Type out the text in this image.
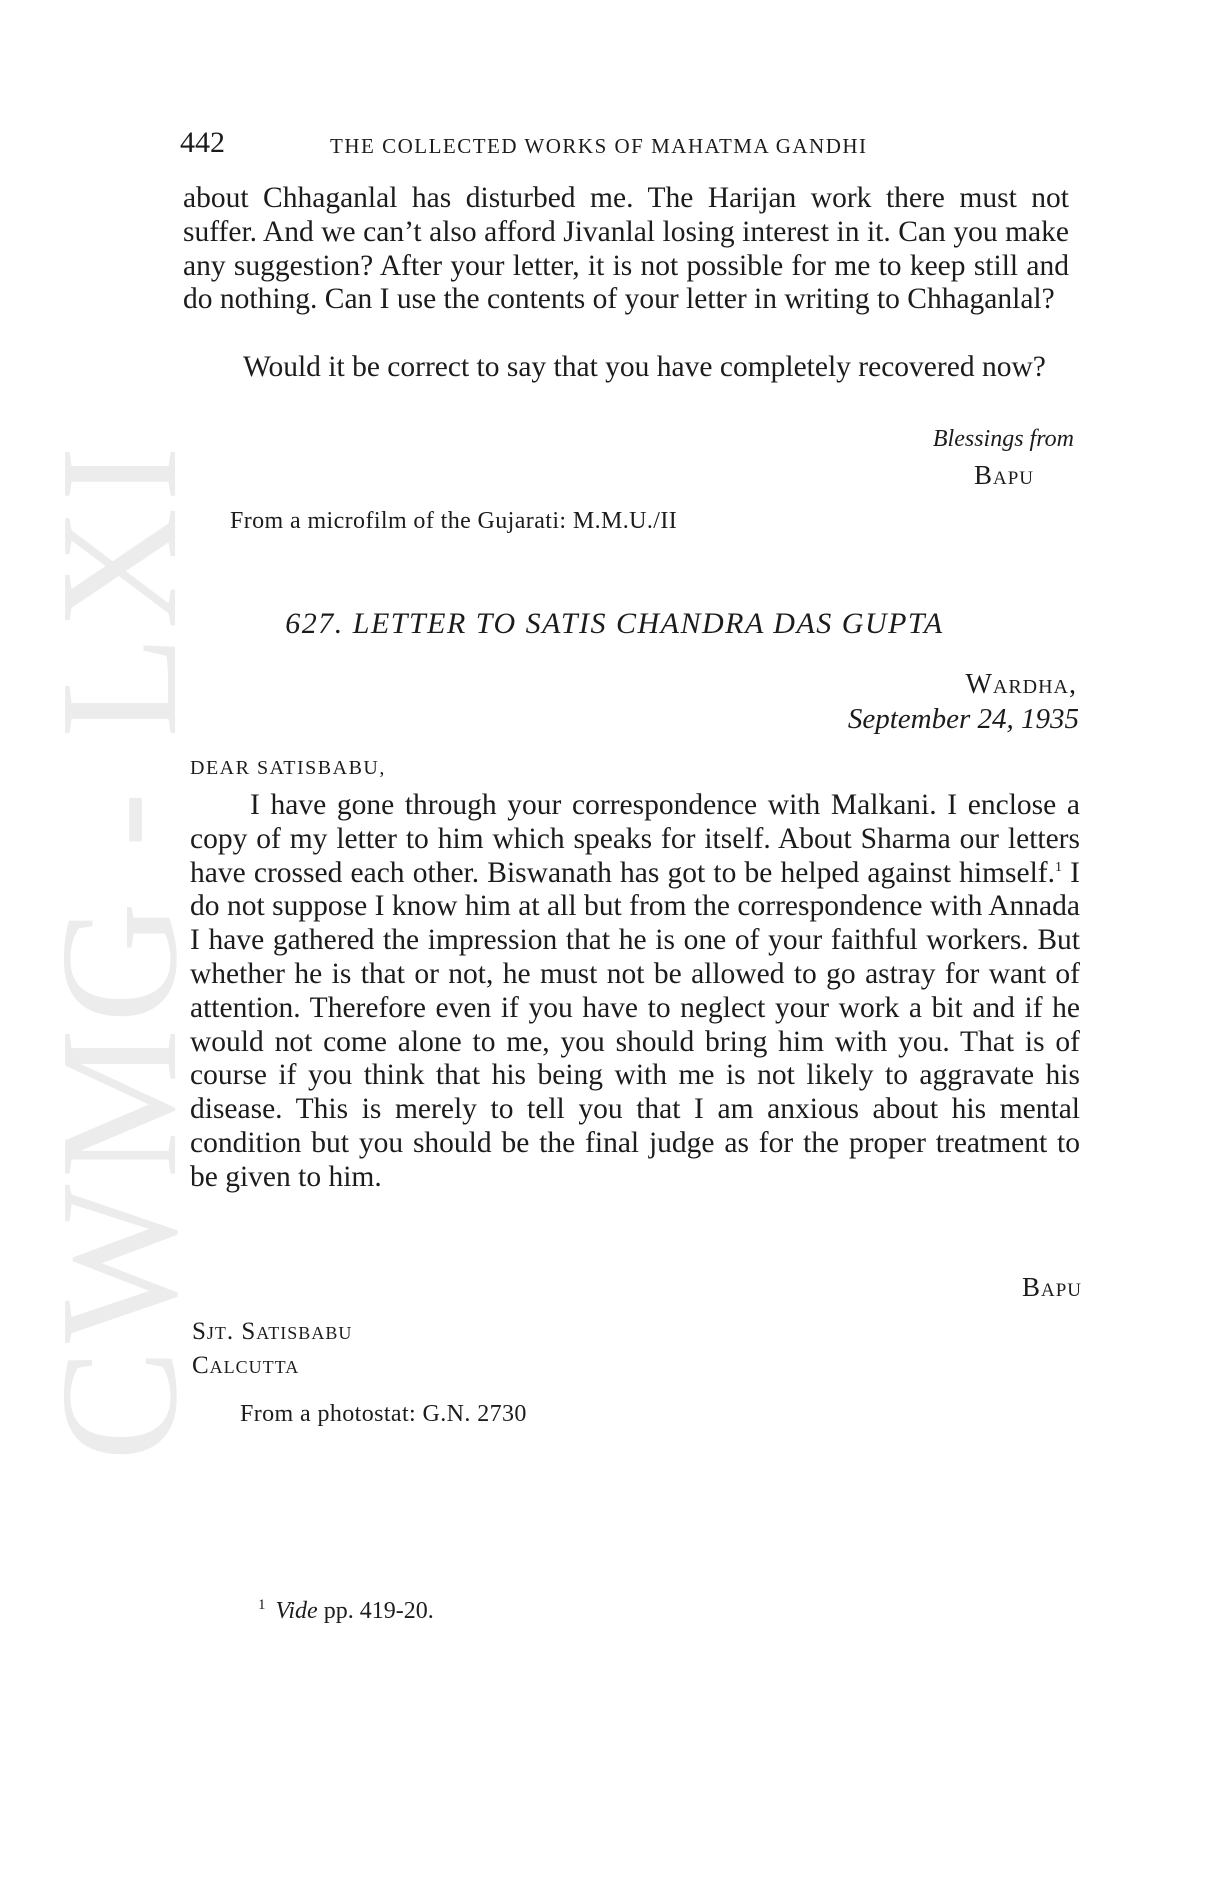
CWMG - LXI
442	THE COLLECTED WORKS OF MAHATMA GANDHI

about Chhaganlal has disturbed me. The Harijan work there must not suffer. And we can’t also afford Jivanlal losing interest in it. Can you make any suggestion? After your letter, it is not possible for me to keep still and do nothing. Can I use the contents of your letter in writing to Chhaganlal?

Would it be correct to say that you have completely recovered now?

Blessings from
Bapu
From a microfilm of the Gujarati: M.M.U./II
627. LETTER TO SATIS CHANDRA DAS GUPTA
Wardha,
September 24, 1935
DEAR SATISBABU,

I have gone through your correspondence with Malkani. I enclose a copy of my letter to him which speaks for itself. About Sharma our letters have crossed each other. Biswanath has got to be helped against himself.$^1$ I do not suppose I know him at all but from the correspondence with Annada I have gathered the impression that he is one of your faithful workers. But whether he is that or not, he must not be allowed to go astray for want of attention. Therefore even if you have to neglect your work a bit and if he would not come alone to me, you should bring him with you. That is of course if you think that his being with me is not likely to aggravate his disease. This is merely to tell you that I am anxious about his mental condition but you should be the final judge as for the proper treatment to be given to him.

Bapu
Sjt. Satisbabu
Calcutta
From a photostat: G.N. 2730
$^1$ Vide pp. 419-20.
